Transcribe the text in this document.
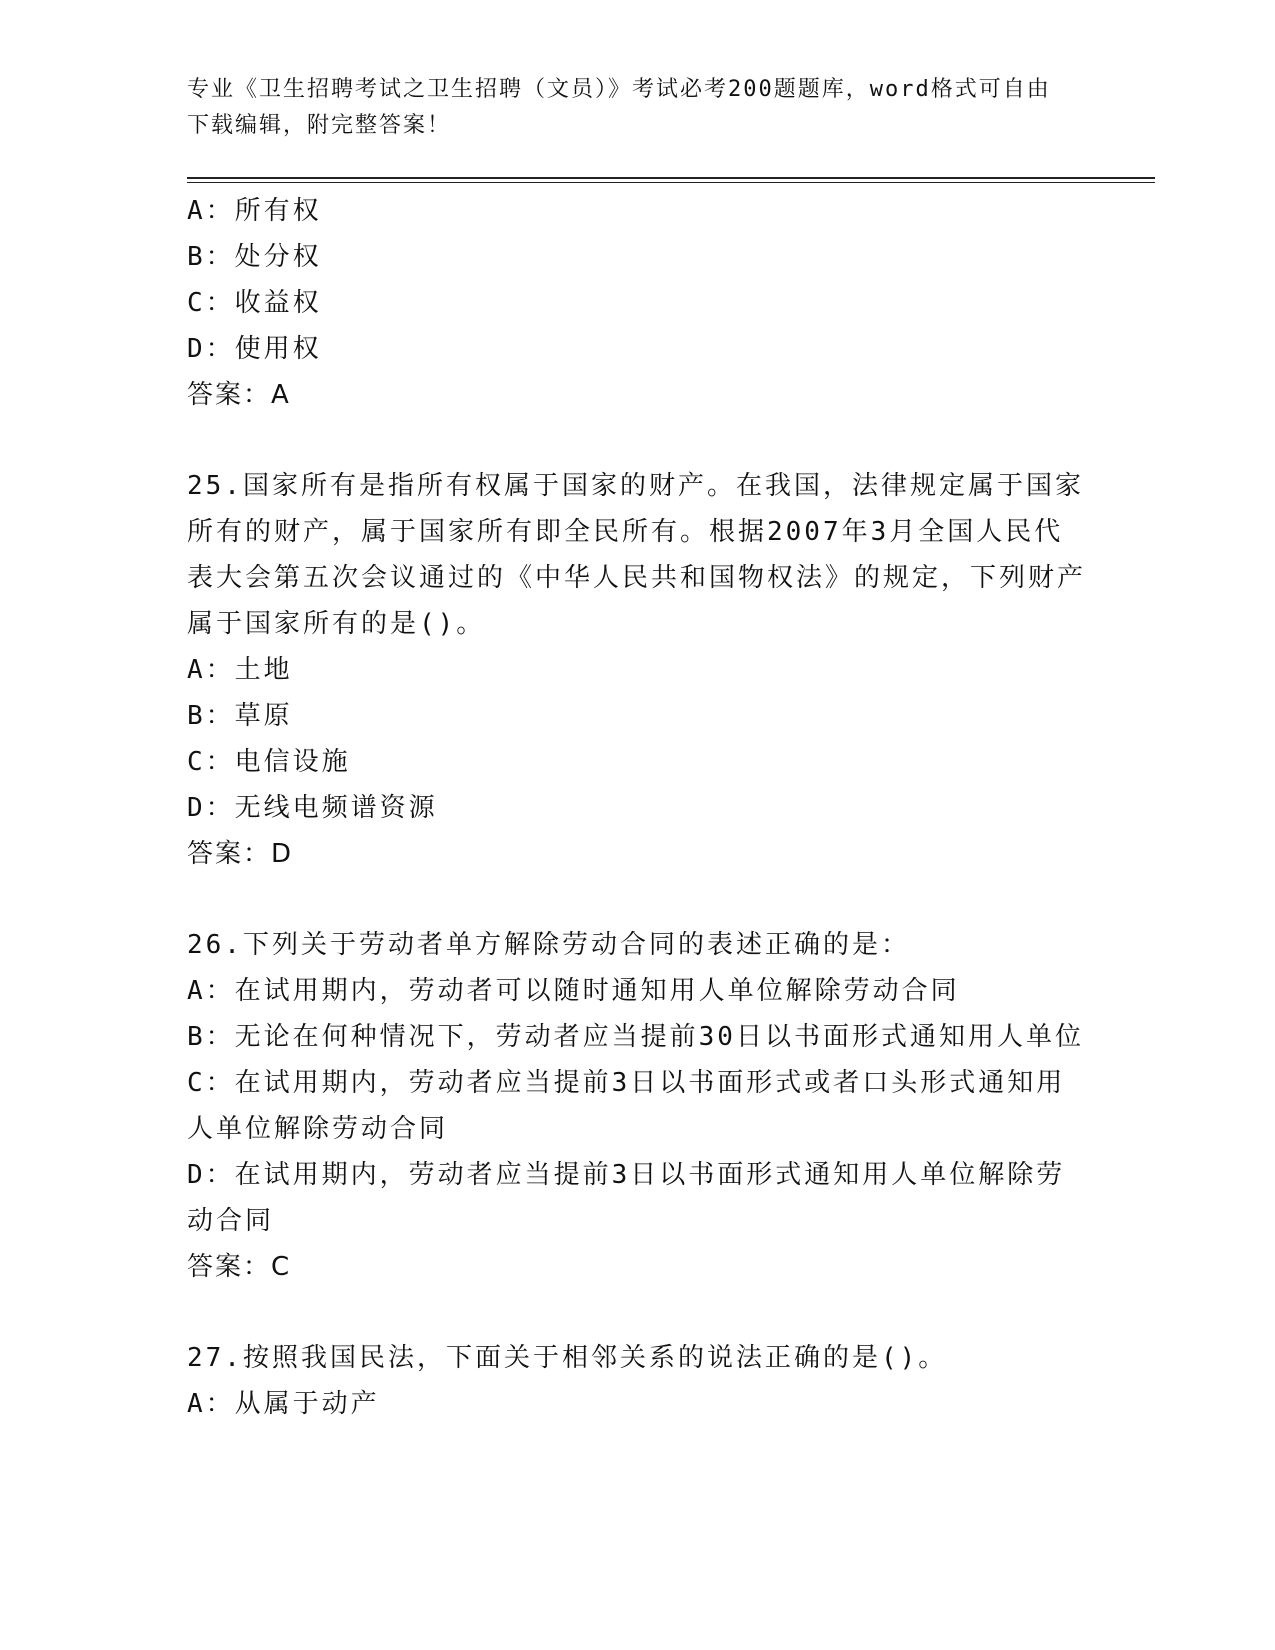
专业《卫生招聘考试之卫生招聘（文员）》考试必考200题题库，word格式可自由下载编辑，附完整答案！
A：所有权
B：处分权
C：收益权
D：使用权
答案：A
25.国家所有是指所有权属于国家的财产。在我国，法律规定属于国家所有的财产，属于国家所有即全民所有。根据2007年3月全国人民代表大会第五次会议通过的《中华人民共和国物权法》的规定，下列财产属于国家所有的是()。
A：土地
B：草原
C：电信设施
D：无线电频谱资源
答案：D
26.下列关于劳动者单方解除劳动合同的表述正确的是：
A：在试用期内，劳动者可以随时通知用人单位解除劳动合同
B：无论在何种情况下，劳动者应当提前30日以书面形式通知用人单位
C：在试用期内，劳动者应当提前3日以书面形式或者口头形式通知用人单位解除劳动合同
D：在试用期内，劳动者应当提前3日以书面形式通知用人单位解除劳动合同
答案：C
27.按照我国民法，下面关于相邻关系的说法正确的是()。
A：从属于动产
